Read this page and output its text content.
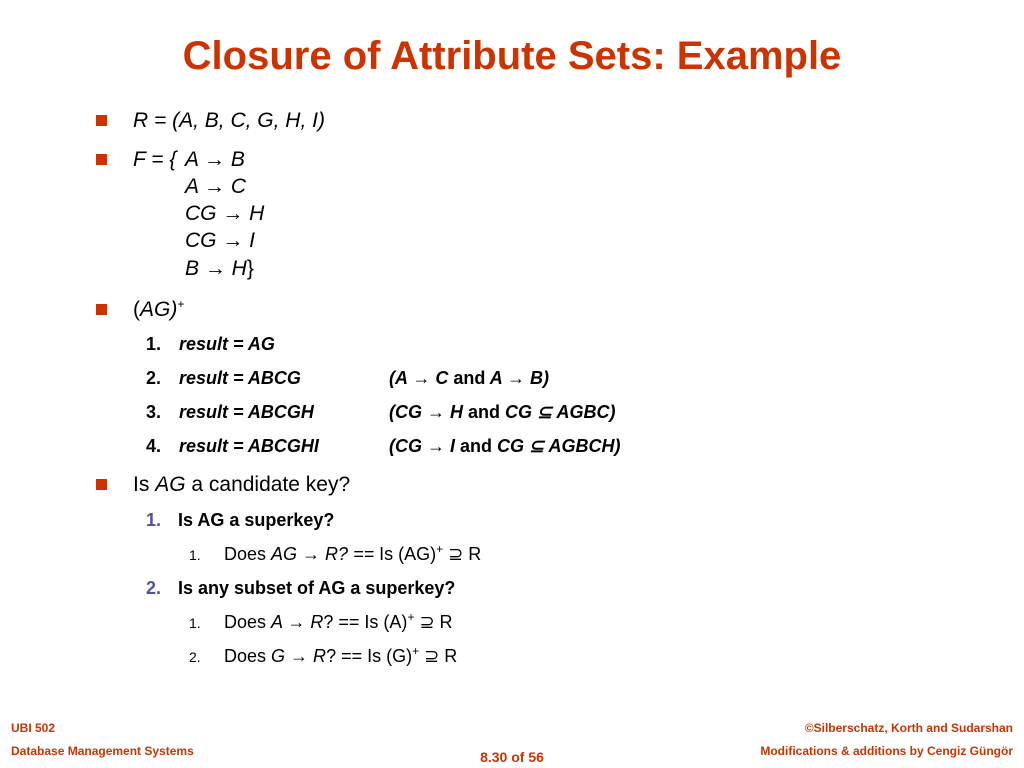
Closure of Attribute Sets: Example
R = (A, B, C, G, H, I)
F = { A → B
A → C
CG → H
CG → I
B → H}
(AG)+
1. result = AG
2. result = ABCG	(A → C and A → B)
3. result = ABCGH	(CG → H and CG ⊆ AGBC)
4. result = ABCGHI	(CG → I and CG ⊆ AGBCH)
Is AG a candidate key?
1. Is AG a superkey?
1. Does AG → R? == Is (AG)+ ⊇ R
2. Is any subset of AG a superkey?
1. Does A → R? == Is (A)+ ⊇ R
2. Does G → R? == Is (G)+ ⊇ R
UBI 502
Database Management Systems	8.30 of 56
©Silberschatz, Korth and Sudarshan
Modifications & additions by Cengiz Güngör
